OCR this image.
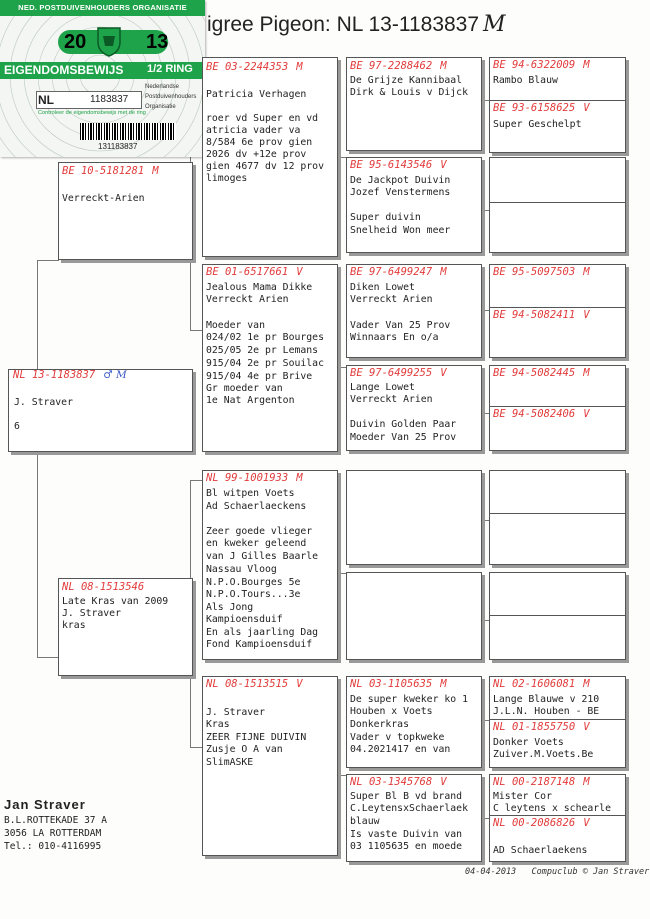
igree Pigeon: NL 13-1183837 M
NED. POSTDUIVENHOUDERS ORGANISATIE
20	13
EIGENDOMSBEWIJS 1/2 RING
NL	1183837
Nederlandse
Postduivenhouders
Organisatie
Controleer de eigendomsbewijs met de ring
131183837
NL 13-1183837 ♂ M
J. Straver
6
BE 10-5181281 M
Verreckt-Arien
NL 08-1513546
Late Kras van 2009
J. Straver
kras
BE 03-2244353 M
Patricia Verhagen
roer vd Super en vd
atricia vader va
8/584 6e prov gien
2026 dv +12e prov
gien 4677 dv 12 prov
limoges
BE 01-6517661 V
Jealous Mama Dikke
Verreckt Arien
Moeder van
024/02 1e pr Bourges
025/05 2e pr Lemans
915/04 2e pr Souilac
915/04 4e pr Brive
Gr moeder van
1e Nat Argenton
NL 99-1001933 M
Bl witpen Voets
Ad Schaerlaeckens
Zeer goede vlieger
en kweker geleend
van J Gilles Baarle
Nassau Vloog
N.P.O.Bourges 5e
N.P.O.Tours...3e
Als Jong
Kampioensduif
En als jaarling Dag
Fond Kampioensduif
NL 08-1513515 V
J. Straver
Kras
ZEER FIJNE DUIVIN
Zusje O A van
SlimASKE
BE 97-2288462 M
De Grijze Kannibaal
Dirk & Louis v Dijck
BE 95-6143546 V
De Jackpot Duivin
Jozef Venstermens
Super duivin
Snelheid Won meer
BE 97-6499247 M
Diken Lowet
Verreckt Arien
Vader Van 25 Prov
Winnaars En o/a
BE 97-6499255 V
Lange Lowet
Verreckt Arien
Duivin Golden Paar
Moeder Van 25 Prov
NL 03-1105635 M
De super kweker ko 1
Houben x Voets
Donkerkras
Vader v topkweke
04.2021417 en van
NL 03-1345768 V
Super Bl B vd brand
C.LeytensxSchaerlaek
blauw
Is vaste Duivin van
03 1105635 en moede
BE 94-6322009 M
Rambo Blauw
BE 93-6158625 V
Super Geschelpt
BE 95-5097503 M
BE 94-5082411 V
BE 94-5082445 M
BE 94-5082406 V
NL 02-1606081 M
Lange Blauwe v 210
J.L.N. Houben - BE
NL 01-1855750 V
Donker Voets
Zuiver.M.Voets.Be
NL 00-2187148 M
Mister Cor
C leytens x schearle
NL 00-2086826 V
AD Schaerlaekens
Jan Straver
B.L.ROTTEKADE 37 A
3056 LA ROTTERDAM
Tel.: 010-4116995
04-04-2013 Compuclub © Jan Straver
